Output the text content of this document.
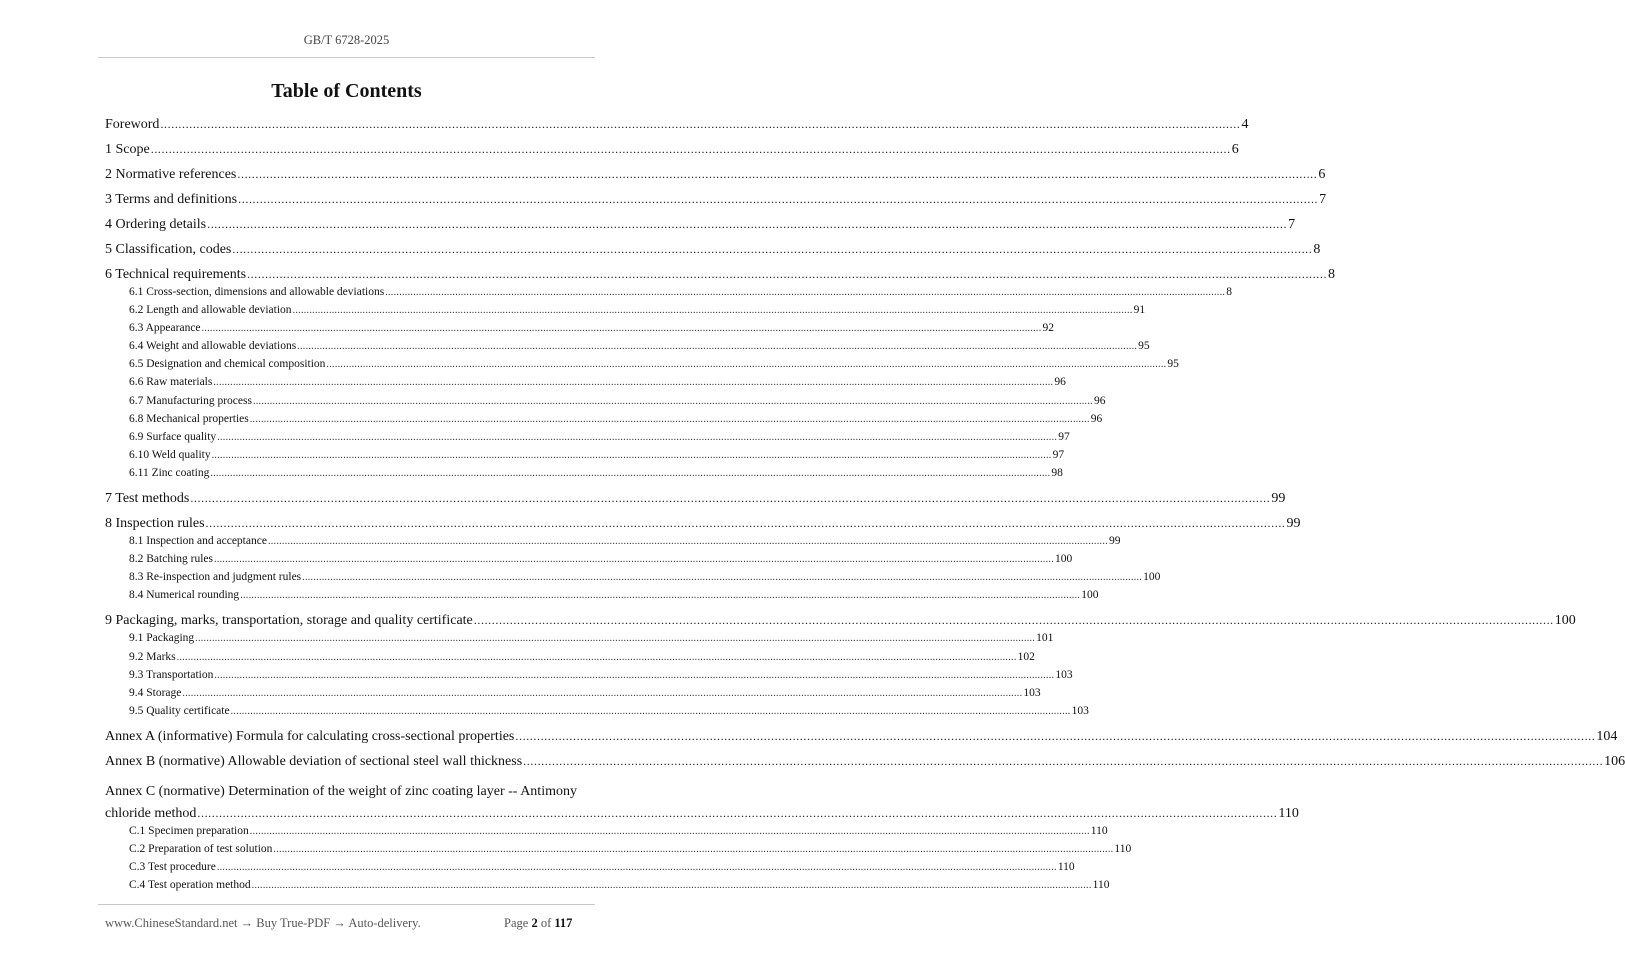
GB/T 6728-2025
Table of Contents
Foreword ............................................................................................................................................................................................................................................................................................................ 4
1 Scope ............................................................................................................................................................................................................................................................................................................ 6
2 Normative references ............................................................................................................................................................................................................................................................................................................ 6
3 Terms and definitions ............................................................................................................................................................................................................................................................................................................ 7
4 Ordering details ............................................................................................................................................................................................................................................................................................................ 7
5 Classification, codes ............................................................................................................................................................................................................................................................................................................ 8
6 Technical requirements ............................................................................................................................................................................................................................................................................................................ 8
6.1 Cross-section, dimensions and allowable deviations ............................................................................................................................................................................................................................................................................................................ 8
6.2 Length and allowable deviation ............................................................................................................................................................................................................................................................................................................ 91
6.3 Appearance ............................................................................................................................................................................................................................................................................................................ 92
6.4 Weight and allowable deviations ............................................................................................................................................................................................................................................................................................................ 95
6.5 Designation and chemical composition ............................................................................................................................................................................................................................................................................................................ 95
6.6 Raw materials ............................................................................................................................................................................................................................................................................................................ 96
6.7 Manufacturing process ............................................................................................................................................................................................................................................................................................................ 96
6.8 Mechanical properties ............................................................................................................................................................................................................................................................................................................ 96
6.9 Surface quality ............................................................................................................................................................................................................................................................................................................ 97
6.10 Weld quality ............................................................................................................................................................................................................................................................................................................ 97
6.11 Zinc coating ............................................................................................................................................................................................................................................................................................................ 98
7 Test methods ............................................................................................................................................................................................................................................................................................................ 99
8 Inspection rules ............................................................................................................................................................................................................................................................................................................ 99
8.1 Inspection and acceptance ............................................................................................................................................................................................................................................................................................................ 99
8.2 Batching rules ............................................................................................................................................................................................................................................................................................................ 100
8.3 Re-inspection and judgment rules ............................................................................................................................................................................................................................................................................................................ 100
8.4 Numerical rounding ............................................................................................................................................................................................................................................................................................................ 100
9 Packaging, marks, transportation, storage and quality certificate ............................................................................................................................................................................................................................................................................................................ 100
9.1 Packaging ............................................................................................................................................................................................................................................................................................................ 101
9.2 Marks ............................................................................................................................................................................................................................................................................................................ 102
9.3 Transportation ............................................................................................................................................................................................................................................................................................................ 103
9.4 Storage ............................................................................................................................................................................................................................................................................................................ 103
9.5 Quality certificate ............................................................................................................................................................................................................................................................................................................ 103
Annex A (informative) Formula for calculating cross-sectional properties ............................................................................................................................................................................................................................................................................................................ 104
Annex B (normative) Allowable deviation of sectional steel wall thickness ............................................................................................................................................................................................................................................................................................................ 106
Annex C (normative) Determination of the weight of zinc coating layer -- Antimony
chloride method ............................................................................................................................................................................................................................................................................................................ 110
C.1 Specimen preparation ............................................................................................................................................................................................................................................................................................................ 110
C.2 Preparation of test solution ............................................................................................................................................................................................................................................................................................................ 110
C.3 Test procedure ............................................................................................................................................................................................................................................................................................................ 110
C.4 Test operation method ............................................................................................................................................................................................................................................................................................................ 110
www.ChineseStandard.net → Buy True-PDF → Auto-delivery.	Page 2 of 117
